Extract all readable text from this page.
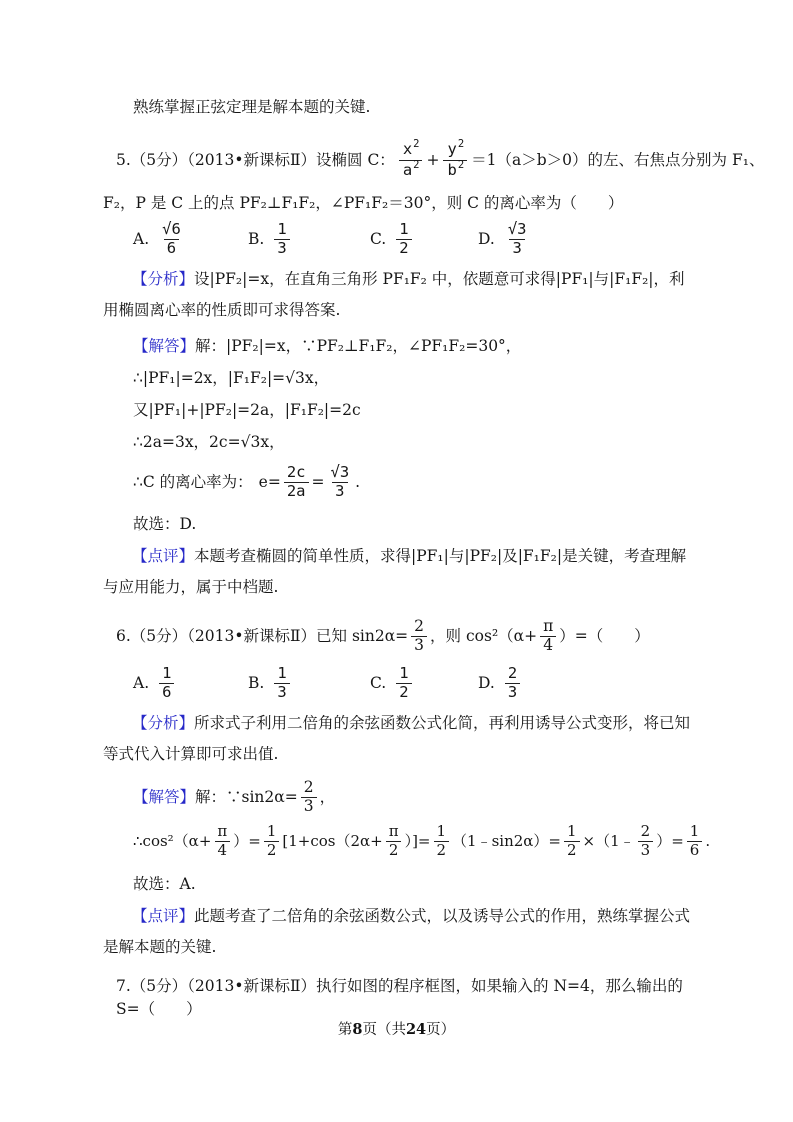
熟练掌握正弦定理是解本题的关键.
5.（5分）（2013•新课标Ⅱ）设椭圆 C： $\frac{x^2}{a^2} + \frac{y^2}{b^2} =1(a>b>0)$的左、右焦点分别为 F₁、
F₂，P 是 C 上的点 PF₂⊥F₁F₂，∠PF₁F₂＝30°，则 C 的离心率为（　　）
A. $\frac{√6}{6}$	B. $\frac{1}{3}$	C. $\frac{1}{2}$	D. $\frac{√3}{3}$

【分析】设|PF₂|=x，在直角三角形 PF₁F₂ 中，依题意可求得|PF₁|与|F₁F₂|，利用椭圆离心率的性质即可求得答案.

【解答】解：|PF₂|=x，∵PF₂⊥F₁F₂，∠PF₁F₂=30°，
∴|PF₁|=2x，|F₁F₂|=√3x，
又|PF₁|+|PF₂|=2a，|F₁F₂|=2c
∴2a=3x，2c=√3x，
∴C 的离心率为： $e= \frac{2c}{2a} = \frac{√3}{3}$ .
故选：D.

【点评】本题考查椭圆的简单性质，求得|PF₁|与|PF₂|及|F₁F₂|是关键，考查理解与应用能力，属于中档题.

6.（5分）（2013•新课标Ⅱ）已知 $\sin 2\alpha= \frac{2}{3}$ ，则 $\cos^2(\alpha+ \frac{\pi}{4}$ ）=（　　）
A. $\frac{1}{6}$	B. $\frac{1}{3}$	C. $\frac{1}{2}$	D. $\frac{2}{3}$

【分析】所求式子利用二倍角的余弦函数公式化简，再利用诱导公式变形，将已知等式代入计算即可求出值.

【解答】 解：∵sin2α= $\frac{2}{3}$ ，
∴cos²（α+ $\frac{\pi}{4}$ ）= $\frac{1}{2} [1+\cos(2\alpha+ \frac{\pi}{2}$ ）]= $\frac{1}{2}$ （1﹣sin2α）= $\frac{1}{2}$ ×（1﹣ $\frac{2}{3}$ ）= $\frac{1}{6}$ .
故选：A.

【点评】此题考查了二倍角的余弦函数公式，以及诱导公式的作用，熟练掌握公式是解本题的关键.

7.（5分）（2013•新课标Ⅱ）执行如图的程序框图，如果输入的 N=4，那么输出的 S=（　　）
第8页（共24页）
